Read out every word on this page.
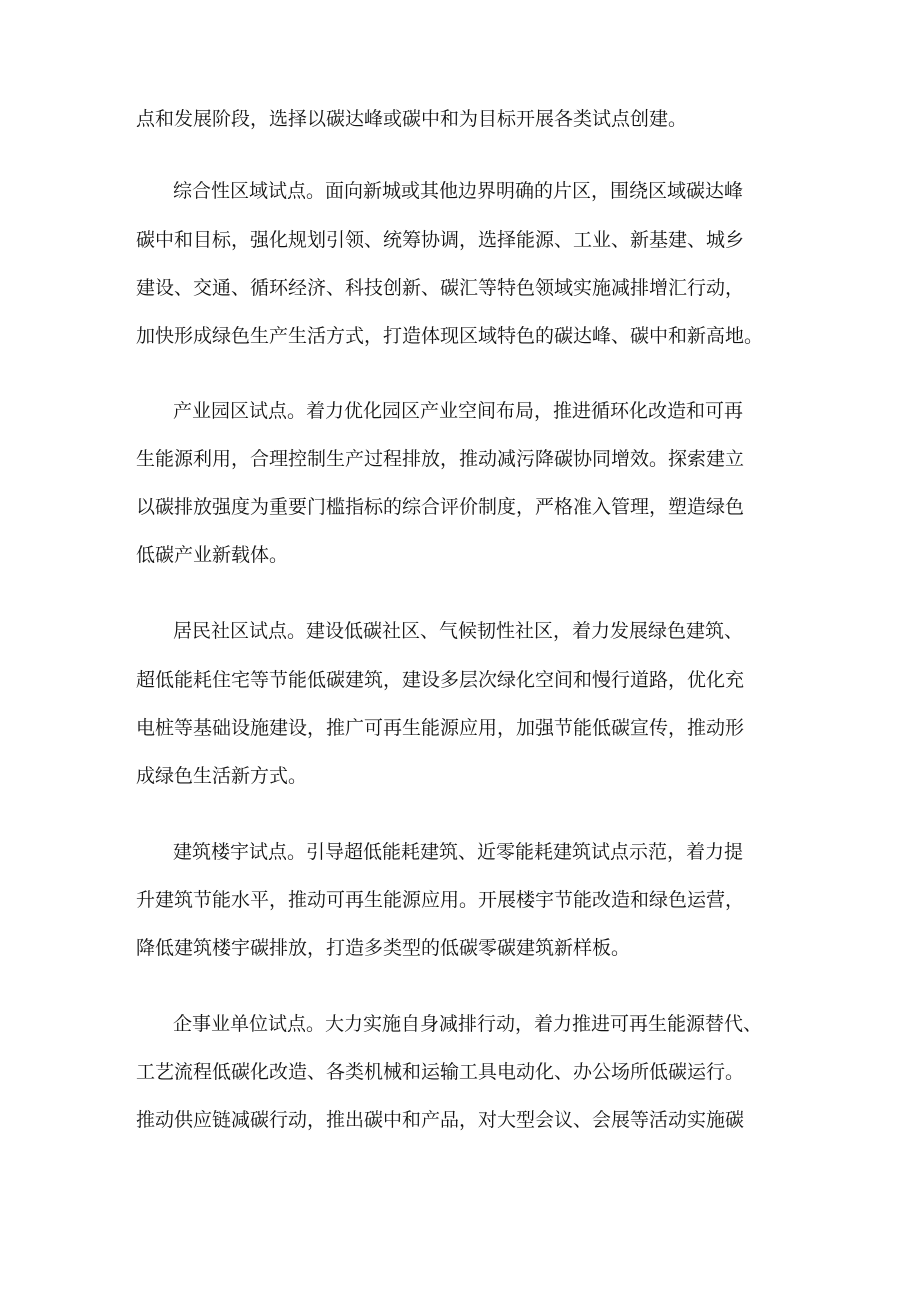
点和发展阶段，选择以碳达峰或碳中和为目标开展各类试点创建。
综合性区域试点。面向新城或其他边界明确的片区，围绕区域碳达峰
碳中和目标，强化规划引领、统筹协调，选择能源、工业、新基建、城乡
建设、交通、循环经济、科技创新、碳汇等特色领域实施减排增汇行动，
加快形成绿色生产生活方式，打造体现区域特色的碳达峰、碳中和新高地。
产业园区试点。着力优化园区产业空间布局，推进循环化改造和可再
生能源利用，合理控制生产过程排放，推动减污降碳协同增效。探索建立
以碳排放强度为重要门槛指标的综合评价制度，严格准入管理，塑造绿色
低碳产业新载体。
居民社区试点。建设低碳社区、气候韧性社区，着力发展绿色建筑、
超低能耗住宅等节能低碳建筑，建设多层次绿化空间和慢行道路，优化充
电桩等基础设施建设，推广可再生能源应用，加强节能低碳宣传，推动形
成绿色生活新方式。
建筑楼宇试点。引导超低能耗建筑、近零能耗建筑试点示范，着力提
升建筑节能水平，推动可再生能源应用。开展楼宇节能改造和绿色运营，
降低建筑楼宇碳排放，打造多类型的低碳零碳建筑新样板。
企事业单位试点。大力实施自身减排行动，着力推进可再生能源替代、
工艺流程低碳化改造、各类机械和运输工具电动化、办公场所低碳运行。
推动供应链减碳行动，推出碳中和产品，对大型会议、会展等活动实施碳
